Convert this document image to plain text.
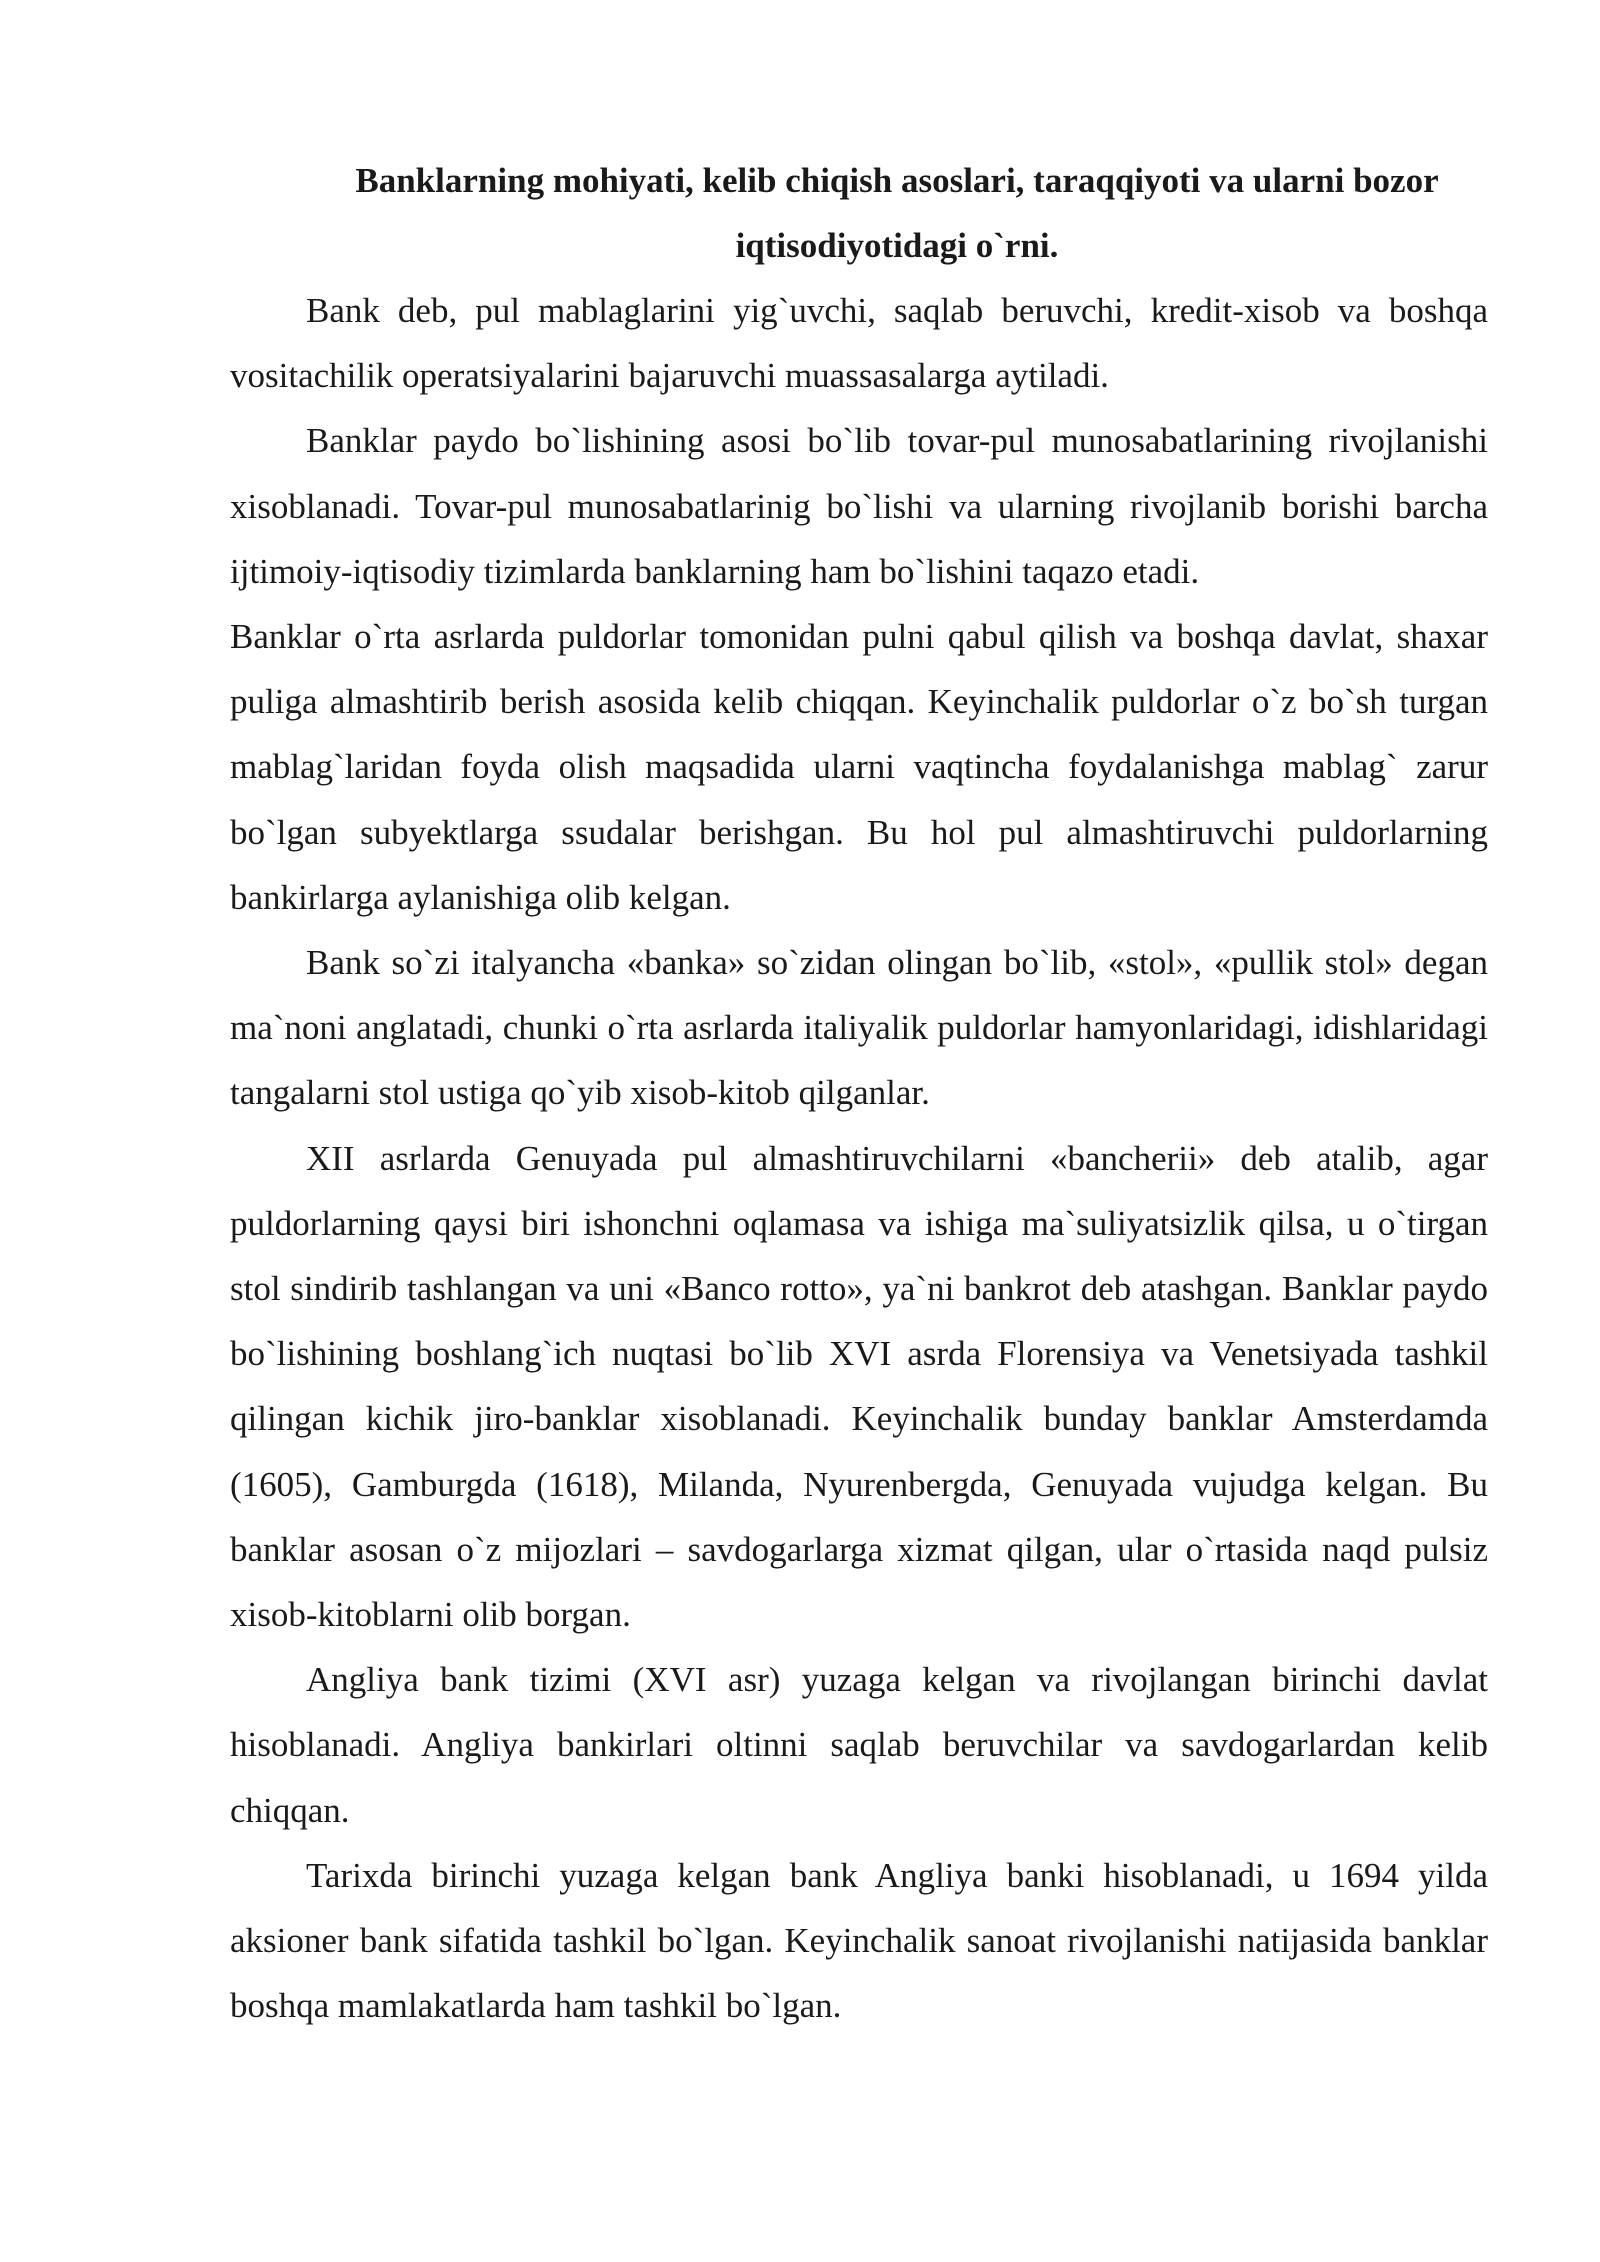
Banklarning mohiyati, kelib chiqish asoslari, taraqqiyoti va ularni bozor iqtisodiyotidagi o`rni.

Bank deb, pul mablaglarini yig`uvchi, saqlab beruvchi, kredit-xisob va boshqa vositachilik operatsiyalarini bajaruvchi muassasalarga aytiladi.

Banklar paydo bo`lishining asosi bo`lib tovar-pul munosabatlarining rivojlanishi xisoblanadi. Tovar-pul munosabatlarinig bo`lishi va ularning rivojlanib borishi barcha ijtimoiy-iqtisodiy tizimlarda banklarning ham bo`lishini taqazo etadi.

Banklar o`rta asrlarda puldorlar tomonidan pulni qabul qilish va boshqa davlat, shaxar puliga almashtirib berish asosida kelib chiqqan. Keyinchalik puldorlar o`z bo`sh turgan mablag`laridan foyda olish maqsadida ularni vaqtincha foydalanishga mablag` zarur bo`lgan subyektlarga ssudalar berishgan. Bu hol pul almashtiruvchi puldorlarning bankirlarga aylanishiga olib kelgan.

Bank so`zi italyancha «banka» so`zidan olingan bo`lib, «stol», «pullik stol» degan ma`noni anglatadi, chunki o`rta asrlarda italiyalik puldorlar hamyonlaridagi, idishlaridagi tangalarni stol ustiga qo`yib xisob-kitob qilganlar.

XII asrlarda Genuyada pul almashtiruvchilarni «bancherii» deb atalib, agar puldorlarning qaysi biri ishonchni oqlamasa va ishiga ma`suliyatsizlik qilsa, u o`tirgan stol sindirib tashlangan va uni «Banco rotto», ya`ni bankrot deb atashgan. Banklar paydo bo`lishining boshlang`ich nuqtasi bo`lib XVI asrda Florensiya va Venetsiyada tashkil qilingan kichik jiro-banklar xisoblanadi. Keyinchalik bunday banklar Amsterdamda (1605), Gamburgda (1618), Milanda, Nyurenbergda, Genuyada vujudga kelgan. Bu banklar asosan o`z mijozlari – savdogarlarga xizmat qilgan, ular o`rtasida naqd pulsiz xisob-kitoblarni olib borgan.

Angliya bank tizimi (XVI asr) yuzaga kelgan va rivojlangan birinchi davlat hisoblanadi. Angliya bankirlari oltinni saqlab beruvchilar va savdogarlardan kelib chiqqan.

Tarixda birinchi yuzaga kelgan bank Angliya banki hisoblanadi, u 1694 yilda aksioner bank sifatida tashkil bo`lgan. Keyinchalik sanoat rivojlanishi natijasida banklar boshqa mamlakatlarda ham tashkil bo`lgan.
